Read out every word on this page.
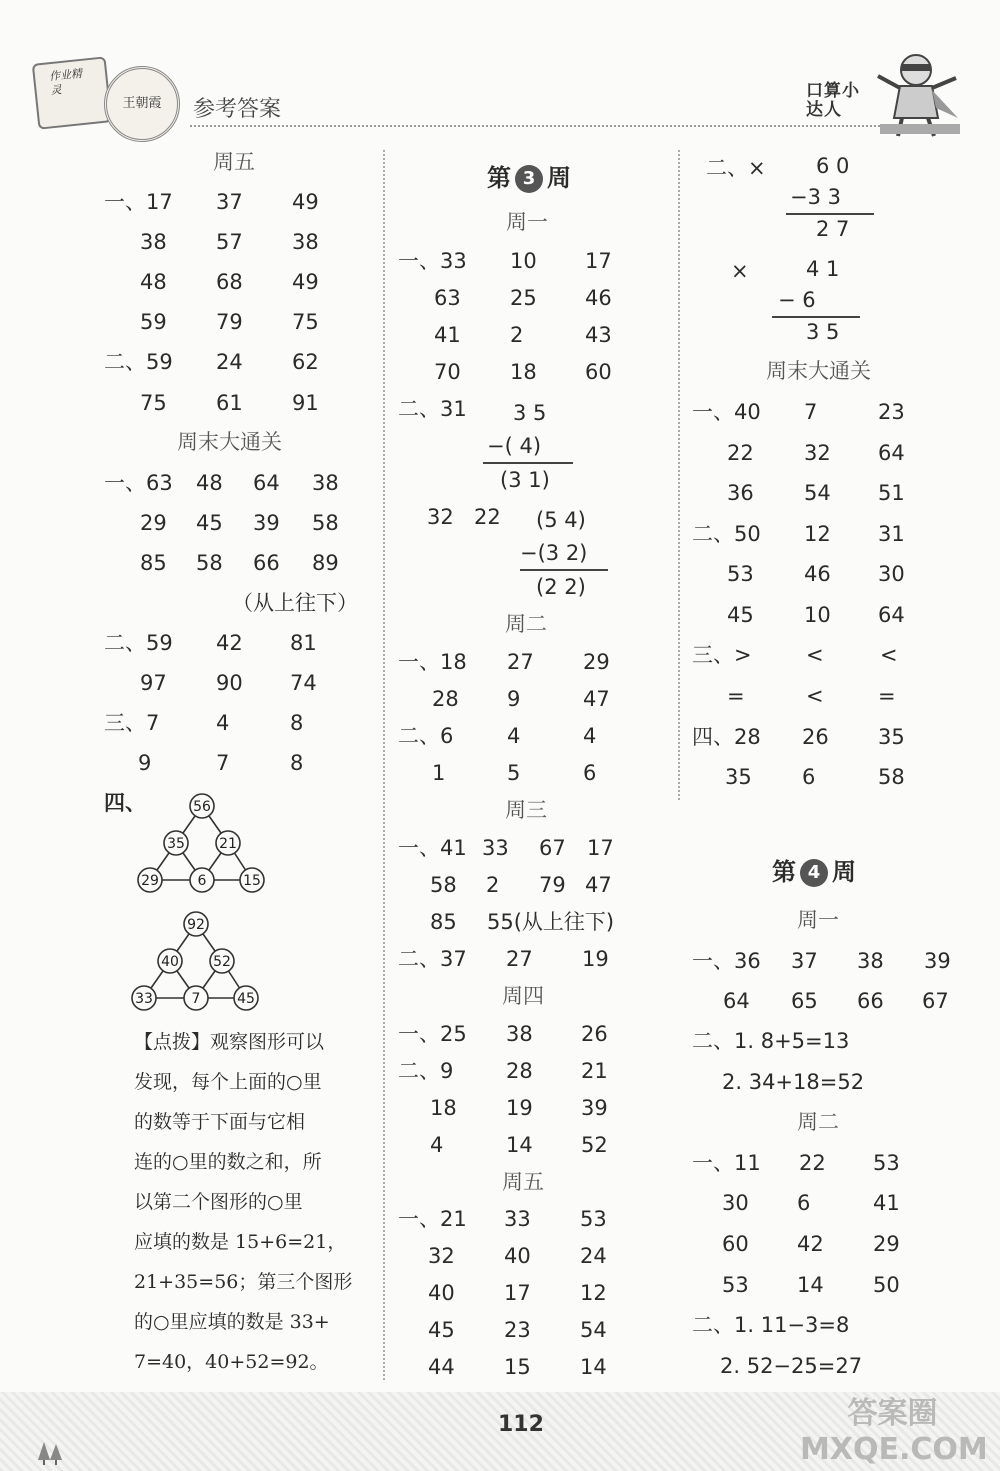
作业精灵
王朝霞	参考答案
口算小达人
周五
一、17 37 49
38 57 38
48 68 49
59 79 75
二、59 24 62
75 61 91
周末大通关
一、63 48 64 38
29 45 39 58
85 58 66 89
（从上往下）
二、59 42 81
97 90 74
三、7	4	8
9	7	8
四、	56
35 21
29	6	15
92
40 52
33	7	45
【点拨】观察图形可以
发现，每个上面的○里
的数等于下面与它相
连的○里的数之和，所
以第二个图形的○里
应填的数是 15+6=21，
21+35=56；第三个图形
的○里应填的数是 33+
7=40，40+52=92。
第 3 周
周一
一、33 10 17
63 25 46
41 2	43
70 18 60
二、31 3 5
−( 4)
(3 1)
32 22 (5 4)
−(3 2)
(2 2)
周二
一、18 27 29
28 9	47
二、6	4	4
1	5	6
周三
一、41 33 67 17
58 2 79 47
85 55(从上往下)
二、37 27 19
周四
一、25 38 26
二、9	28 21
18 19 39
4	14 52
周五
一、21 33 53
32 40 24
40 17 12
45 23 54
44 15 14
二、× 6 0
−3 3
2 7
×	4 1
− 6
3 5
周末大通关
一、40 7	23
22 32 64
36 54 51
二、50 12 31
53 46 30
45 10 64
三、>	<	<
=	<	=
四、28 26 35
35 6	58
第 4 周
周一
一、36 37 38 39
64 65 66 67
二、1. 8+5=13
2. 34+18=52
周二
一、11 22 53
30 6	41
60 42 29
53 14 50
二、1. 11−3=8
2. 52−25=27
112	答案圈 MXQE.COM
